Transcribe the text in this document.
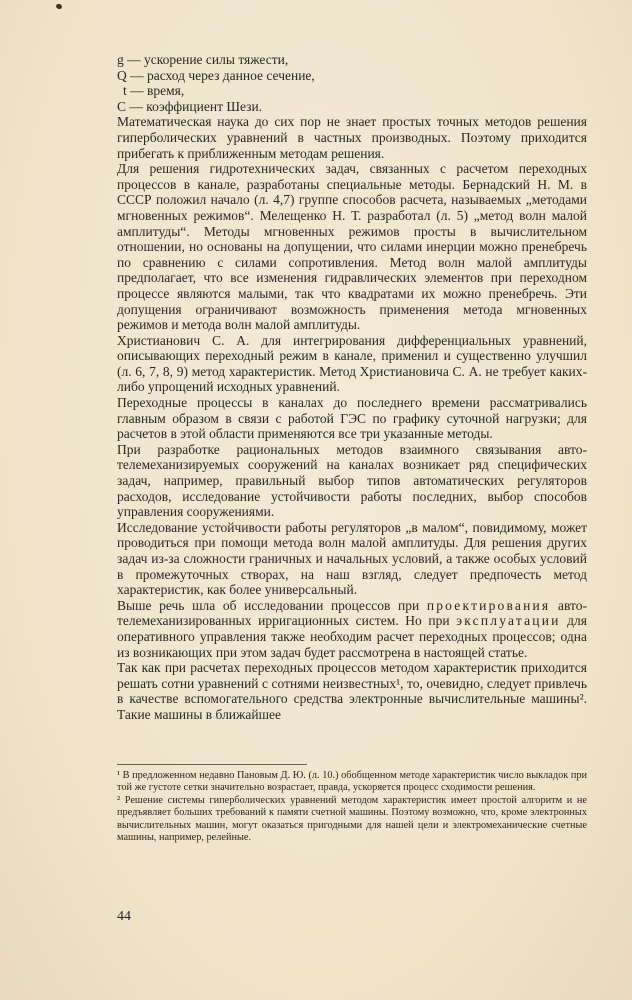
g — ускорение силы тяжести,
Q — расход через данное сечение,
t — время,
C — коэффициент Шези.

Математическая наука до сих пор не знает простых точных методов решения гиперболических уравнений в частных производных. Поэтому приходится прибегать к приближенным методам решения.

Для решения гидротехнических задач, связанных с расчетом переходных процессов в канале, разработаны специальные методы. Бернадский Н. М. в СССР положил начало (л. 4,7) группе способов расчета, называемых „методами мгновенных режимов“. Мелещенко Н. Т. разработал (л. 5) „метод волн малой амплитуды“. Методы мгновенных режимов просты в вычислительном отношении, но основаны на допущении, что силами инерции можно пренебречь по сравнению с силами сопротивления. Метод волн малой амплитуды предполагает, что все изменения гидравлических элементов при переходном процессе являются малыми, так что квадратами их можно пренебречь. Эти допущения ограничивают возможность применения метода мгновенных режимов и метода волн малой амплитуды.

Христианович С. А. для интегрирования дифференциальных уравнений, описывающих переходный режим в канале, применил и существенно улучшил (л. 6, 7, 8, 9) метод характеристик. Метод Христиановича С. А. не требует каких-либо упрощений исходных уравнений.

Переходные процессы в каналах до последнего времени рассматривались главным образом в связи с работой ГЭС по графику суточной нагрузки; для расчетов в этой области применяются все три указанные методы.

При разработке рациональных методов взаимного связывания авто-телемеханизируемых сооружений на каналах возникает ряд специфических задач, например, правильный выбор типов автоматических регуляторов расходов, исследование устойчивости работы последних, выбор способов управления сооружениями.

Исследование устойчивости работы регуляторов „в малом“, повидимому, может проводиться при помощи метода волн малой амплитуды. Для решения других задач из-за сложности граничных и начальных условий, а также особых условий в промежуточных створах, на наш взгляд, следует предпочесть метод характеристик, как более универсальный.

Выше речь шла об исследовании процессов при проектирования авто-телемеханизированных ирригационных систем. Но при эксплуатации для оперативного управления также необходим расчет переходных процессов; одна из возникающих при этом задач будет рассмотрена в настоящей статье.

Так как при расчетах переходных процессов методом характеристик приходится решать сотни уравнений с сотнями неизвестных¹, то, очевидно, следует привлечь в качестве вспомогательного средства электронные вычислительные машины². Такие машины в ближайшее

¹ В предложенном недавно Пановым Д. Ю. (л. 10.) обобщенном методе характеристик число выкладок при той же густоте сетки значительно возрастает, правда, ускоряется процесс сходимости решения.

² Решение системы гиперболических уравнений методом характеристик имеет простой алгоритм и не предъявляет больших требований к памяти счетной машины. Поэтому возможно, что, кроме электронных вычислительных машин, могут оказаться пригодными для нашей цели и электромеханические счетные машины, например, релейные.

44
